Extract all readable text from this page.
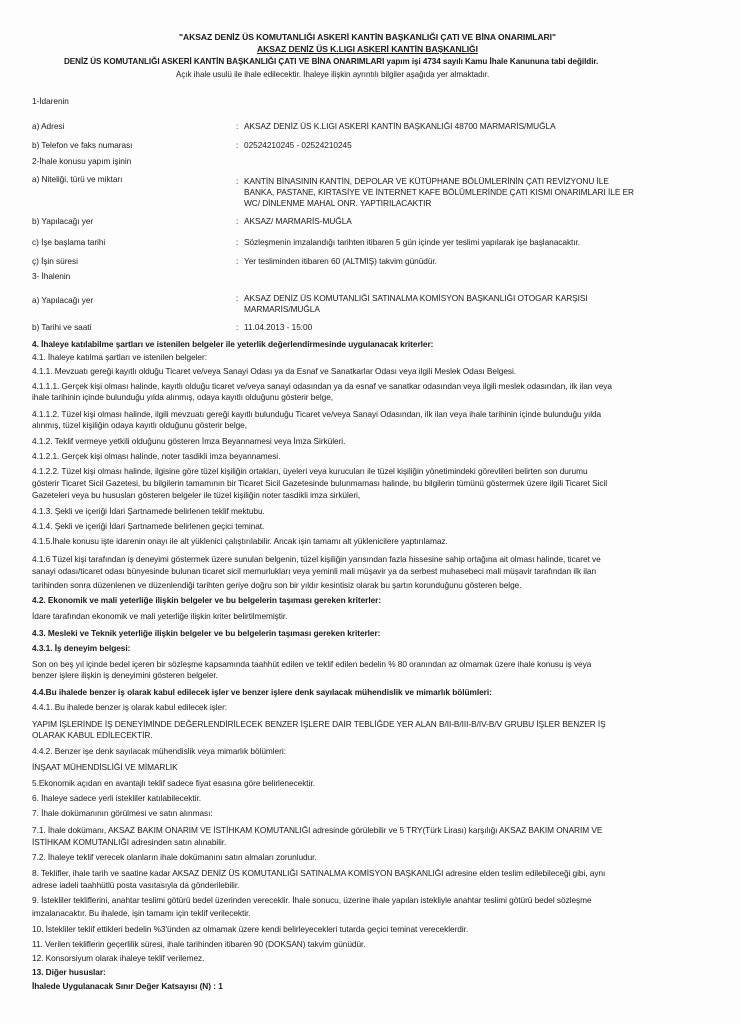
"AKSAZ DENİZ ÜS KOMUTANLIĞI ASKERİ KANTİN BAŞKANLIĞI ÇATI VE BİNA ONARIMLARI"
AKSAZ DENİZ ÜS K.LIGI ASKERİ KANTİN BAŞKANLIĞI
DENİZ ÜS KOMUTANLIĞI ASKERİ KANTİN BAŞKANLIĞI ÇATI VE BİNA ONARIMLARI yapım işi 4734 sayılı Kamu İhale Kanununa tabi değildir.
Açık ihale usulü ile ihale edilecektir. İhaleye ilişkin ayrıntılı bilgiler aşağıda yer almaktadır.
1-İdarenin
a) Adresi	: AKSAZ DENİZ ÜS K.LIGI ASKERİ KANTİN BAŞKANLIĞI 48700 MARMARİS/MUĞLA
b) Telefon ve faks numarası	: 02524210245 - 02524210245
2-İhale konusu yapım işinin
a) Niteliği, türü ve miktarı	: KANTİN BİNASININ KANTİN, DEPOLAR VE KÜTÜPHANE BÖLÜMLERİNİN ÇATI REVİZYONU İLE
BANKA, PASTANE, KIRTASİYE VE İNTERNET KAFE BÖLÜMLERİNDE ÇATI KISMI ONARIMLARI İLE ER
WC/ DİNLENME MAHAL ONR. YAPTIRILACAKTIR
b) Yapılacağı yer	: AKSAZ/ MARMARİS-MUĞLA
c) İşe başlama tarihi	: Sözleşmenin imzalandığı tarihten itibaren 5 gün içinde yer teslimi yapılarak işe başlanacaktır.
ç) İşin süresi	: Yer tesliminden itibaren 60 (ALTMIŞ) takvim günüdür.
3- İhalenin
a) Yapılacağı yer	: AKSAZ DENİZ ÜS KOMUTANLIĞI SATINALMA KOMİSYON BAŞKANLIĞI OTOGAR KARŞISI
MARMARİS/MUĞLA
b) Tarihi ve saati	: 11.04.2013 - 15:00
4. İhaleye katılabilme şartları ve istenilen belgeler ile yeterlik değerlendirmesinde uygulanacak kriterler:
4.1. İhaleye katılma şartları ve istenilen belgeler:
4.1.1. Mevzuatı gereği kayıtlı olduğu Ticaret ve/veya Sanayi Odası ya da Esnaf ve Sanatkarlar Odası veya ilgili Meslek Odası Belgesi.
4.1.1.1. Gerçek kişi olması halinde, kayıtlı olduğu ticaret ve/veya sanayi odasından ya da esnaf ve sanatkar odasından veya ilgili meslek odasından, ilk ilan veya
ihale tarihinin içinde bulunduğu yılda alınmış, odaya kayıtlı olduğunu gösterir belge,
4.1.1.2. Tüzel kişi olması halinde, ilgili mevzuatı gereği kayıtlı bulunduğu Ticaret ve/veya Sanayi Odasından, ilk ilan veya ihale tarihinin içinde bulunduğu yılda
alınmış, tüzel kişiliğin odaya kayıtlı olduğunu gösterir belge,
4.1.2. Teklif vermeye yetkili olduğunu gösteren İmza Beyannamesi veya İmza Sirküleri.
4.1.2.1. Gerçek kişi olması halinde, noter tasdikli imza beyannamesi.
4.1.2.2. Tüzel kişi olması halinde, ilgisine göre tüzel kişiliğin ortakları, üyeleri veya kurucuları ile tüzel kişiliğin yönetimindeki görevlileri belirten son durumu
gösterir Ticaret Sicil Gazetesi, bu bilgilerin tamamının bir Ticaret Sicil Gazetesinde bulunmaması halinde, bu bilgilerin tümünü göstermek üzere ilgili Ticaret Sicil
Gazeteleri veya bu hususları gösteren belgeler ile tüzel kişiliğin noter tasdikli imza sirküleri,
4.1.3. Şekli ve içeriği İdari Şartnamede belirlenen teklif mektubu.
4.1.4. Şekli ve içeriği İdari Şartnamede belirlenen geçici teminat.
4.1.5.İhale konusu işte idarenin onayı ile alt yüklenici çalıştırılabilir. Ancak işin tamamı alt yüklenicilere yaptırılamaz.
4.1.6 Tüzel kişi tarafından iş deneyimi göstermek üzere sunulan belgenin, tüzel kişiliğin yarısından fazla hissesine sahip ortağına ait olması halinde, ticaret ve
sanayi odası/ticaret odası bünyesinde bulunan ticaret sicil memurlukları veya yeminli mali müşavir ya da serbest muhasebeci mali müşavir tarafından ilk ilan
tarihinden sonra düzenlenen ve düzenlendiği tarihten geriye doğru son bir yıldır kesintisiz olarak bu şartın korunduğunu gösteren belge.
4.2. Ekonomik ve mali yeterliğe ilişkin belgeler ve bu belgelerin taşıması gereken kriterler:
İdare tarafından ekonomik ve mali yeterliğe ilişkin kriter belirtilmemiştir.
4.3. Mesleki ve Teknik yeterliğe ilişkin belgeler ve bu belgelerin taşıması gereken kriterler:
4.3.1. İş deneyim belgesi:
Son on beş yıl içinde bedel içeren bir sözleşme kapsamında taahhüt edilen ve teklif edilen bedelin % 80 oranından az olmamak üzere ihale konusu iş veya
benzer işlere ilişkin iş deneyimini gösteren belgeler.
4.4.Bu ihalede benzer iş olarak kabul edilecek işler ve benzer işlere denk sayılacak mühendislik ve mimarlık bölümleri:
4.4.1. Bu ihalede benzer iş olarak kabul edilecek işler:
YAPIM İŞLERİNDE İŞ DENEYİMİNDE DEĞERLENDİRİLECEK BENZER İŞLERE DAİR TEBLİĞDE YER ALAN B/II-B/III-B/IV-B/V GRUBU İŞLER BENZER İŞ
OLARAK KABUL EDİLECEKTİR.
4.4.2. Benzer işe denk sayılacak mühendislik veya mimarlık bölümleri:
İNŞAAT MÜHENDİSLİĞİ VE MİMARLIK
5.Ekonomik açıdan en avantajlı teklif sadece fiyat esasına göre belirlenecektir.
6. İhaleye sadece yerli istekliler katılabilecektir.
7. İhale dokümanının görülmesi ve satın alınması:
7.1. İhale dokümanı, AKSAZ BAKIM ONARIM VE İSTİHKAM KOMUTANLIĞI adresinde görülebilir ve 5 TRY(Türk Lirası) karşılığı AKSAZ BAKIM ONARIM VE
İSTİHKAM KOMUTANLIĞI adresinden satın alınabilir.
7.2. İhaleye teklif verecek olanların ihale dokümanını satın almaları zorunludur.
8. Teklifler, ihale tarih ve saatine kadar AKSAZ DENİZ ÜS KOMUTANLIĞI SATINALMA KOMİSYON BAŞKANLIĞI adresine elden teslim edilebileceği gibi, aynı
adrese iadeli taahhütlü posta vasıtasıyla da gönderilebilir.
9. İstekliler tekliflerini, anahtar teslimi götürü bedel üzerinden vereceklir. İhale sonucu, üzerine ihale yapılan istekliyle anahtar teslimi götürü bedel sözleşme
imzalanacaktır. Bu ihalede, işin tamamı için teklif verilecektir.
10. İstekliler teklif ettikleri bedelin %3'ünden az olmamak üzere kendi belirleyecekleri tutarda geçici teminat vereceklerdir.
11. Verilen tekliflerin geçerlilik süresi, ihale tarihinden itibaren 90 (DOKSAN) takvim günüdür.
12. Konsorsiyum olarak ihaleye teklif verilemez.
13. Diğer hususlar:
İhalede Uygulanacak Sınır Değer Katsayısı (N) : 1
